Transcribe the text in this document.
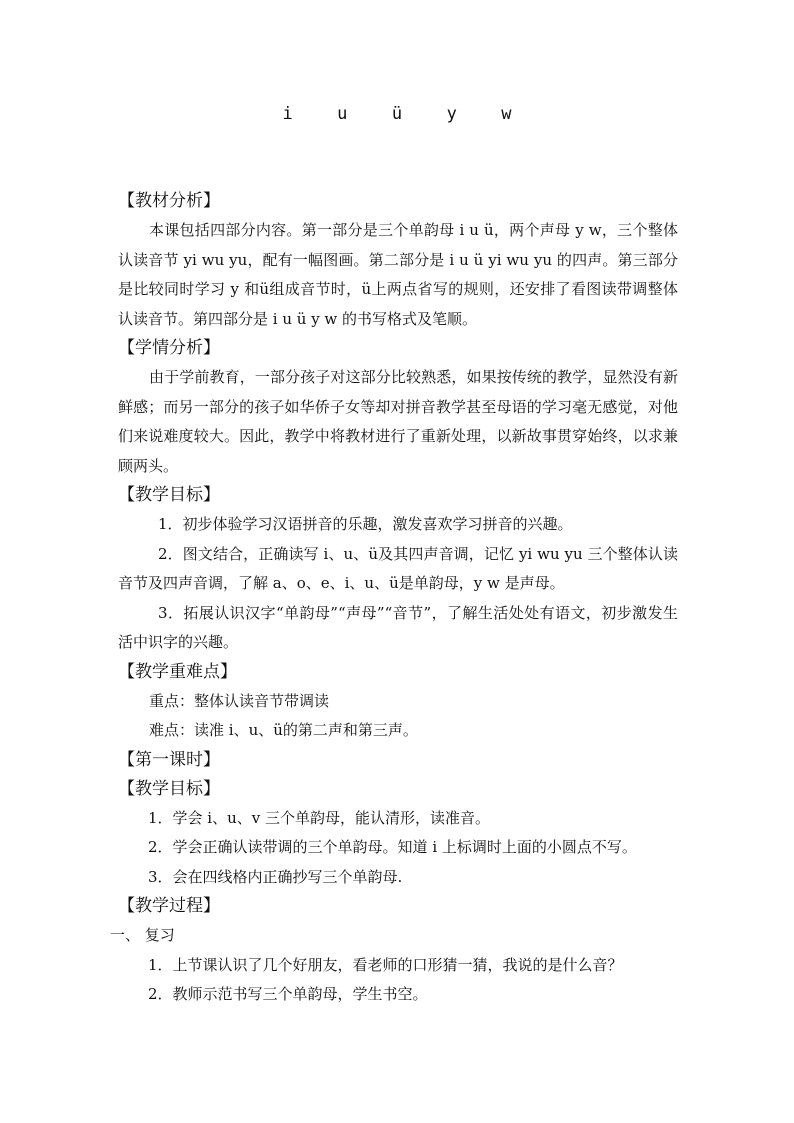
i  u  ü  y  w
【教材分析】

本课包括四部分内容。第一部分是三个单韵母 i u ü，两个声母 y w，三个整体认读音节 yi wu yu，配有一幅图画。第二部分是 i u ü yi wu yu 的四声。第三部分是比较同时学习 y 和ü组成音节时，ü上两点省写的规则，还安排了看图读带调整体认读音节。第四部分是 i u ü y w 的书写格式及笔顺。

【学情分析】

由于学前教育，一部分孩子对这部分比较熟悉，如果按传统的教学，显然没有新鲜感；而另一部分的孩子如华侨子女等却对拼音教学甚至母语的学习毫无感觉，对他们来说难度较大。因此，教学中将教材进行了重新处理，以新故事贯穿始终，以求兼顾两头。

【教学目标】

1．初步体验学习汉语拼音的乐趣，激发喜欢学习拼音的兴趣。

2．图文结合，正确读写 i、u、ü及其四声音调，记忆 yi wu yu 三个整体认读音节及四声音调，了解 a、o、e、i、u、ü是单韵母，y w 是声母。

3．拓展认识汉字“单韵母”“声母”“音节”，了解生活处处有语文，初步激发生活中识字的兴趣。

【教学重难点】

重点：整体认读音节带调读

难点：读准 i、u、ü的第二声和第三声。

【第一课时】
【教学目标】

1．学会 i、u、v 三个单韵母，能认清形，读准音。

2．学会正确认读带调的三个单韵母。知道 i 上标调时上面的小圆点不写。

3．会在四线格内正确抄写三个单韵母.

【教学过程】

一、 复习

1．上节课认识了几个好朋友，看老师的口形猜一猜，我说的是什么音？

2．教师示范书写三个单韵母，学生书空。
